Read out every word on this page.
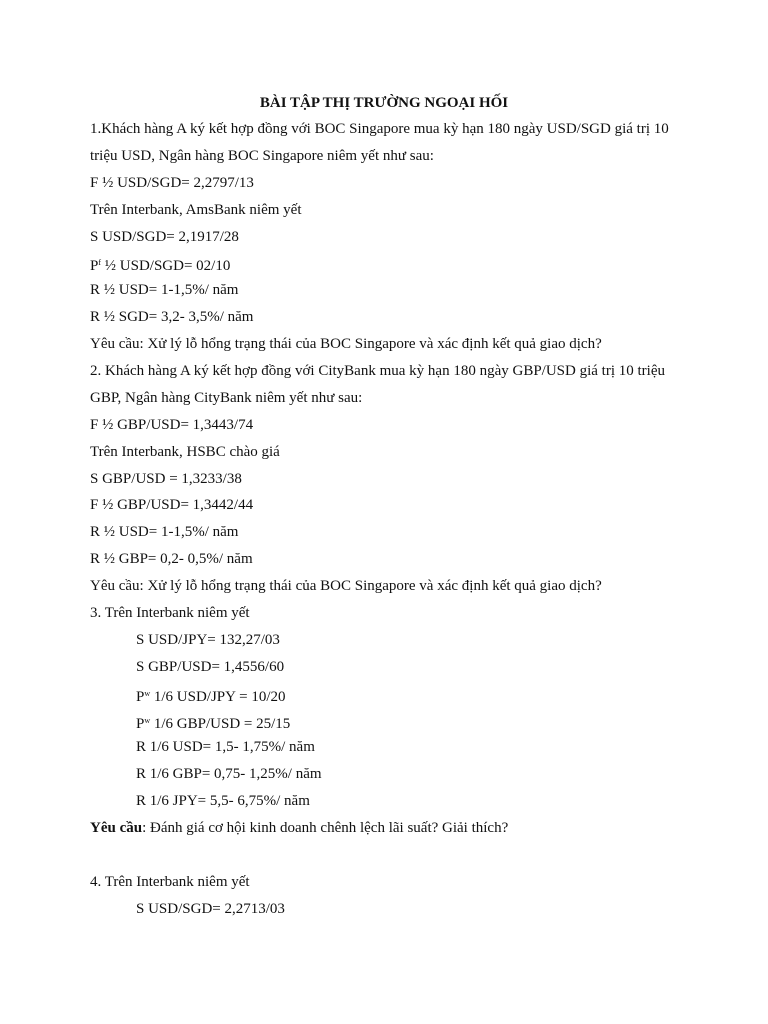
BÀI TẬP THỊ TRƯỜNG NGOẠI HỐI
1.Khách hàng A ký kết hợp đồng với BOC Singapore mua kỳ hạn 180 ngày USD/SGD giá trị 10
triệu USD, Ngân hàng BOC Singapore niêm yết như sau:
F ½ USD/SGD= 2,2797/13
Trên Interbank, AmsBank niêm yết
S USD/SGD= 2,1917/28
$P^f$ ½ USD/SGD= 02/10
R ½ USD= 1-1,5%/ năm
R ½ SGD= 3,2- 3,5%/ năm
Yêu cầu: Xử lý lỗ hổng trạng thái của BOC Singapore và xác định kết quả giao dịch?
2. Khách hàng A ký kết hợp đồng với CityBank mua kỳ hạn 180 ngày GBP/USD giá trị 10 triệu
GBP, Ngân hàng CityBank niêm yết như sau:
F ½ GBP/USD= 1,3443/74
Trên Interbank, HSBC chào giá
S GBP/USD = 1,3233/38
F ½ GBP/USD= 1,3442/44
R ½ USD= 1-1,5%/ năm
R ½ GBP= 0,2- 0,5%/ năm
Yêu cầu: Xử lý lỗ hổng trạng thái của BOC Singapore và xác định kết quả giao dịch?
3. Trên Interbank niêm yết
S USD/JPY= 132,27/03
S GBP/USD= 1,4556/60
$P^w$ 1/6 USD/JPY = 10/20
$P^w$ 1/6 GBP/USD = 25/15
R 1/6 USD= 1,5- 1,75%/ năm
R 1/6 GBP= 0,75- 1,25%/ năm
R 1/6 JPY= 5,5- 6,75%/ năm
Yêu cầu: Đánh giá cơ hội kinh doanh chênh lệch lãi suất? Giải thích?
4. Trên Interbank niêm yết
S USD/SGD= 2,2713/03
